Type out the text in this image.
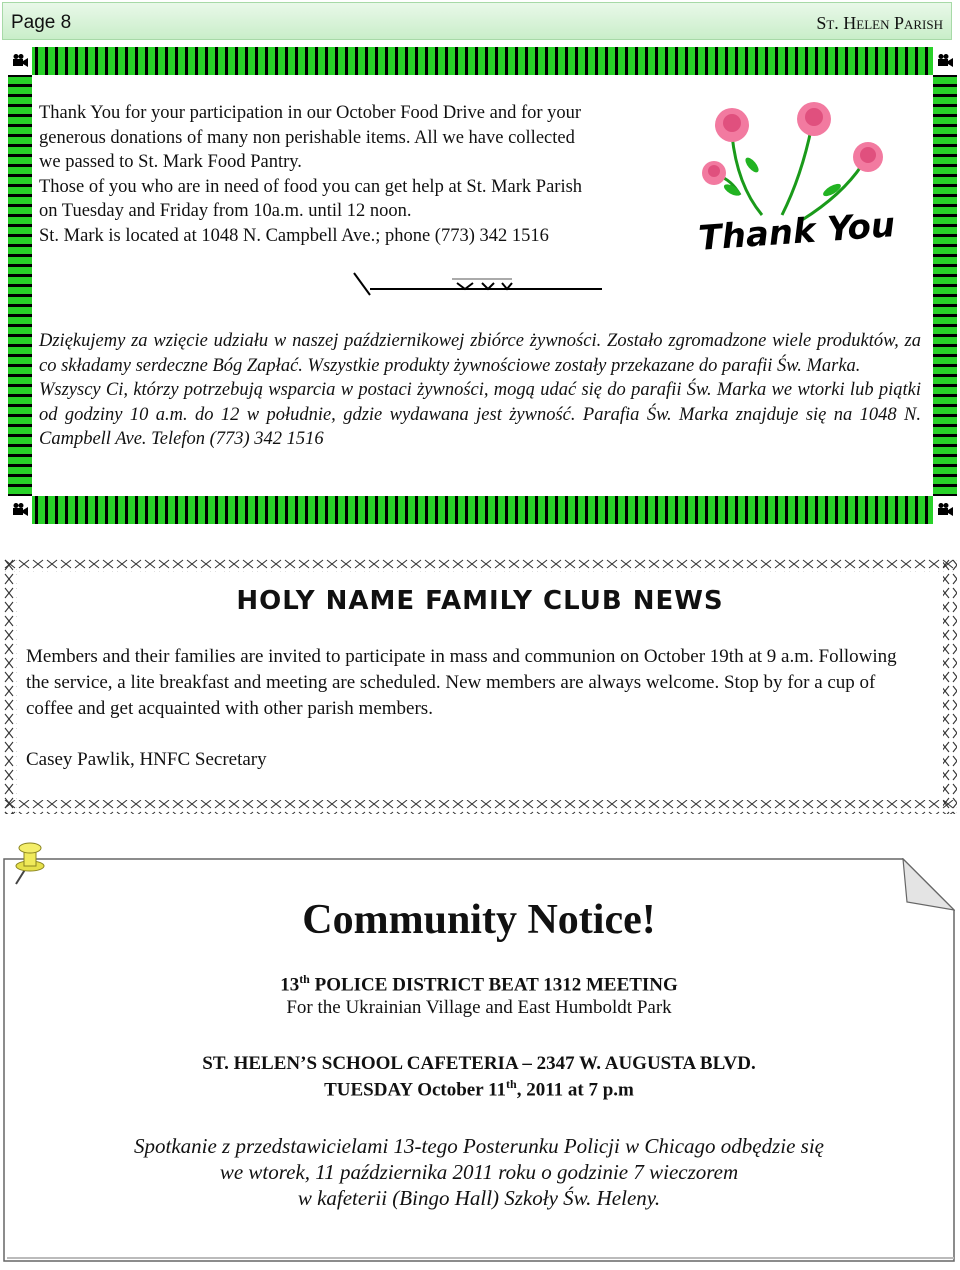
Page 8	St. Helen Parish

Thank You for your participation in our October Food Drive and for your

generous donations of many non perishable items. All we have collected

we passed to St. Mark Food Pantry.

Those of you who are in need of food you can get help at St. Mark Parish

on Tuesday and Friday from 10a.m. until 12 noon.

St. Mark is located at 1048 N. Campbell Ave.; phone (773) 342 1516	Thank You

Dziękujemy za wzięcie udziału w naszej październikowej zbiórce żywności. Zostało zgromadzone wiele produktów, za co składamy serdeczne Bóg Zapłać. Wszystkie produkty żywnościowe zostały przekazane do parafii Św. Marka.

Wszyscy Ci, którzy potrzebują wsparcia w postaci żywności, mogą udać się do parafii Św. Marka we wtorki lub piątki od godziny 10 a.m. do 12 w południe, gdzie wydawana jest żywność. Parafia Św. Marka znajduje się na 1048 N. Campbell Ave. Telefon (773) 342 1516

HOLY NAME FAMILY CLUB NEWS

Members and their families are invited to participate in mass and communion on October 19th at 9 a.m. Following the service, a lite breakfast and meeting are scheduled. New members are always welcome. Stop by for a cup of coffee and get acquainted with other parish members.

Casey Pawlik, HNFC Secretary
Community Notice!
13th POLICE DISTRICT BEAT 1312 MEETING
For the Ukrainian Village and East Humboldt Park
ST. HELEN’S SCHOOL CAFETERIA – 2347 W. AUGUSTA BLVD.
TUESDAY October 11th, 2011 at 7 p.m

Spotkanie z przedstawicielami 13-tego Posterunku Policji w Chicago odbędzie się

we wtorek, 11 października 2011 roku o godzinie 7 wieczorem

w kafeterii (Bingo Hall) Szkoły Św. Heleny.
